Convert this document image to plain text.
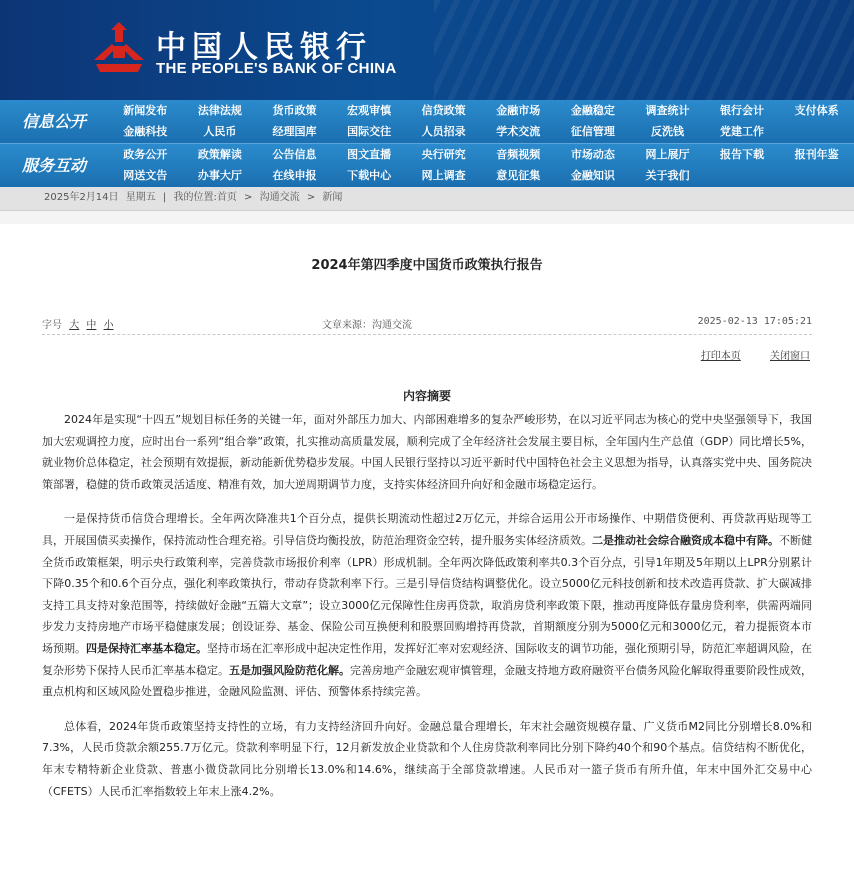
中国人民银行
THE PEOPLE'S BANK OF CHINA
信息公开
新闻发布	法律法规	货币政策	宏观审慎	信贷政策	金融市场	金融稳定	调查统计	银行会计	支付体系
金融科技	人民币	经理国库	国际交往	人员招录	学术交流	征信管理	反洗钱	党建工作
服务互动
政务公开	政策解读	公告信息	图文直播	央行研究	音频视频	市场动态	网上展厅	报告下载	报刊年鉴
网送文告	办事大厅	在线申报	下载中心	网上调查	意见征集	金融知识	关于我们
2025年2月14日 星期五 | 我的位置:首页 > 沟通交流 > 新闻
2024年第四季度中国货币政策执行报告
字号 大 中 小	文章来源：沟通交流	2025-02-13 17:05:21
打印本页	关闭窗口
内容摘要

2024年是实现“十四五”规划目标任务的关键一年，面对外部压力加大、内部困难增多的复杂严峻形势，在以习近平同志为核心的党中央坚强领导下，我国加大宏观调控力度，应时出台一系列“组合拳”政策，扎实推动高质量发展，顺利完成了全年经济社会发展主要目标，全年国内生产总值（GDP）同比增长5%，就业物价总体稳定，社会预期有效提振，新动能新优势稳步发展。中国人民银行坚持以习近平新时代中国特色社会主义思想为指导，认真落实党中央、国务院决策部署，稳健的货币政策灵活适度、精准有效，加大逆周期调节力度，支持实体经济回升向好和金融市场稳定运行。

一是保持货币信贷合理增长。全年两次降准共1个百分点，提供长期流动性超过2万亿元，并综合运用公开市场操作、中期借贷便利、再贷款再贴现等工具，开展国债买卖操作，保持流动性合理充裕。引导信贷均衡投放，防范治理资金空转，提升服务实体经济质效。二是推动社会综合融资成本稳中有降。不断健全货币政策框架，明示央行政策利率，完善贷款市场报价利率（LPR）形成机制。全年两次降低政策利率共0.3个百分点，引导1年期及5年期以上LPR分别累计下降0.35个和0.6个百分点，强化利率政策执行，带动存贷款利率下行。三是引导信贷结构调整优化。设立5000亿元科技创新和技术改造再贷款、扩大碳减排支持工具支持对象范围等，持续做好金融“五篇大文章”；设立3000亿元保障性住房再贷款，取消房贷利率政策下限，推动再度降低存量房贷利率，供需两端同步发力支持房地产市场平稳健康发展；创设证券、基金、保险公司互换便利和股票回购增持再贷款，首期额度分别为5000亿元和3000亿元，着力提振资本市场预期。四是保持汇率基本稳定。坚持市场在汇率形成中起决定性作用，发挥好汇率对宏观经济、国际收支的调节功能，强化预期引导，防范汇率超调风险，在复杂形势下保持人民币汇率基本稳定。五是加强风险防范化解。完善房地产金融宏观审慎管理，金融支持地方政府融资平台债务风险化解取得重要阶段性成效，重点机构和区域风险处置稳步推进，金融风险监测、评估、预警体系持续完善。

总体看，2024年货币政策坚持支持性的立场，有力支持经济回升向好。金融总量合理增长，年末社会融资规模存量、广义货币M2同比分别增长8.0%和7.3%，人民币贷款余额255.7万亿元。贷款利率明显下行，12月新发放企业贷款和个人住房贷款利率同比分别下降约40个和90个基点。信贷结构不断优化，年末专精特新企业贷款、普惠小微贷款同比分别增长13.0%和14.6%，继续高于全部贷款增速。人民币对一篮子货币有所升值，年末中国外汇交易中心（CFETS）人民币汇率指数较上年末上涨4.2%。
